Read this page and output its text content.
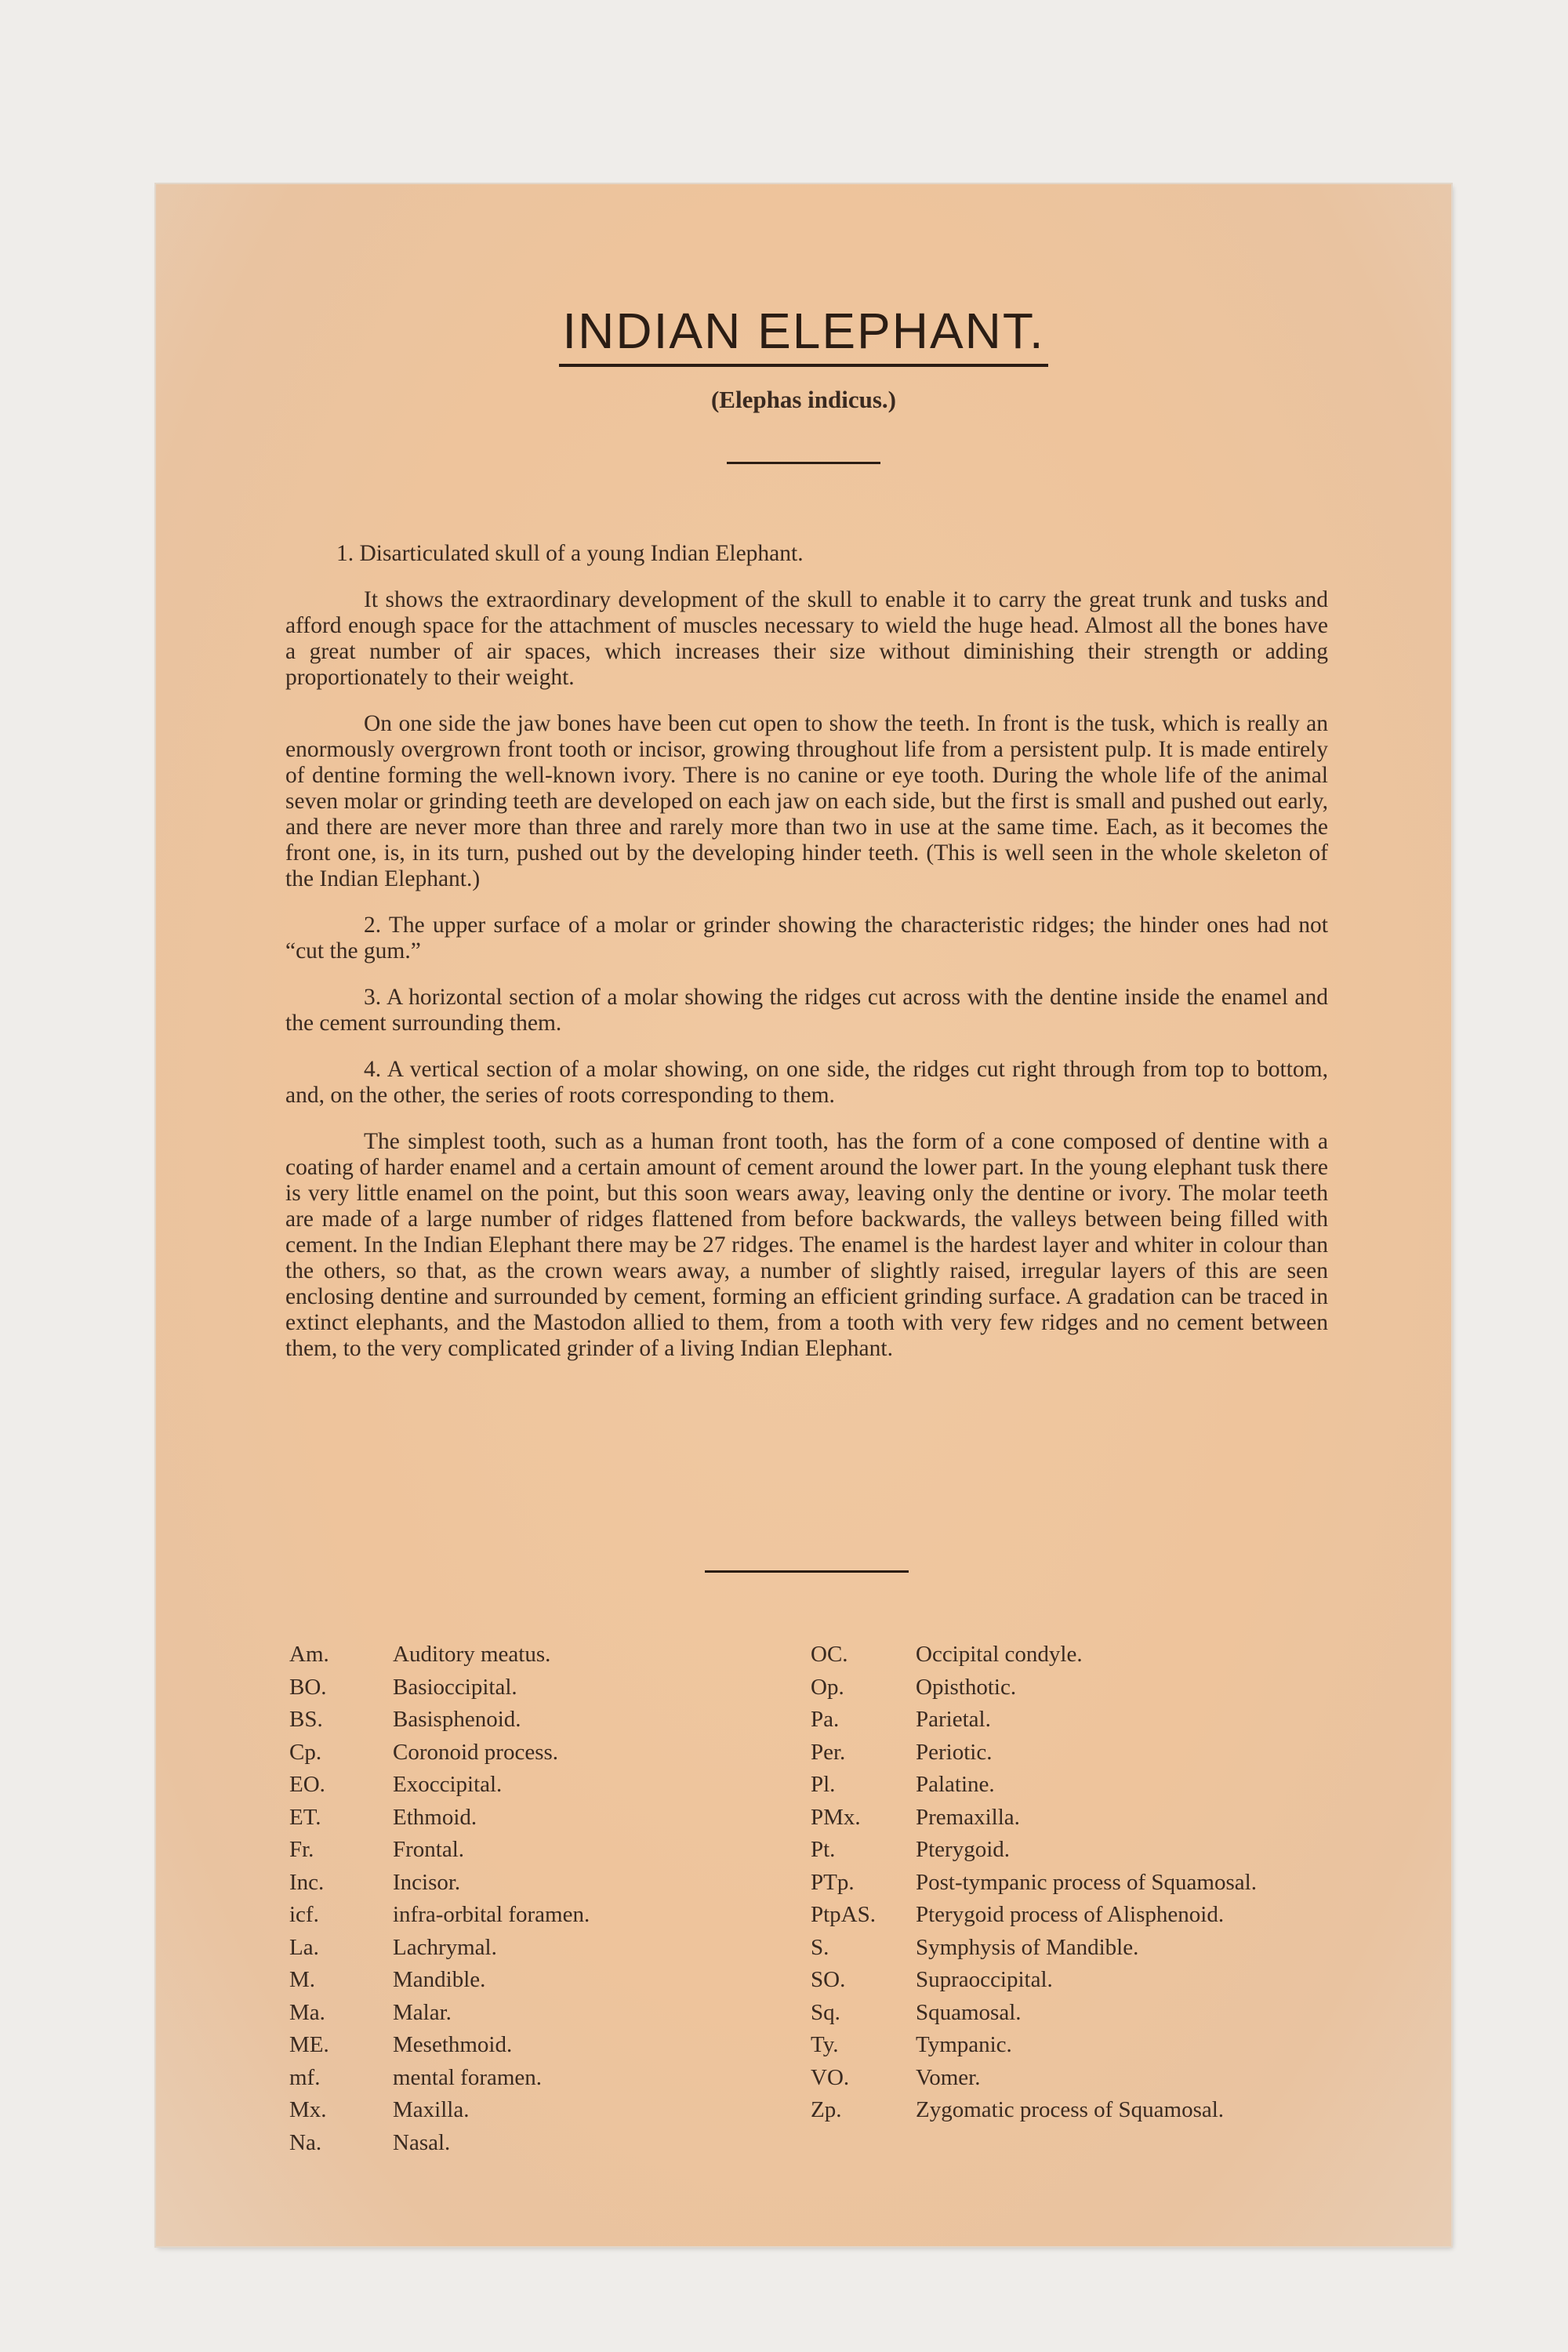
INDIAN ELEPHANT.
(Elephas indicus.)

1. Disarticulated skull of a young Indian Elephant.

It shows the extraordinary development of the skull to enable it to carry the great trunk and tusks and afford enough space for the attachment of muscles necessary to wield the huge head. Almost all the bones have a great number of air spaces, which increases their size without diminishing their strength or adding proportionately to their weight.

On one side the jaw bones have been cut open to show the teeth. In front is the tusk, which is really an enormously overgrown front tooth or incisor, growing throughout life from a persistent pulp. It is made entirely of dentine forming the well-known ivory. There is no canine or eye tooth. During the whole life of the animal seven molar or grinding teeth are developed on each jaw on each side, but the first is small and pushed out early, and there are never more than three and rarely more than two in use at the same time. Each, as it becomes the front one, is, in its turn, pushed out by the developing hinder teeth. (This is well seen in the whole skeleton of the Indian Elephant.)

2. The upper surface of a molar or grinder showing the characteristic ridges; the hinder ones had not “cut the gum.”

3. A horizontal section of a molar showing the ridges cut across with the dentine inside the enamel and the cement surrounding them.

4. A vertical section of a molar showing, on one side, the ridges cut right through from top to bottom, and, on the other, the series of roots corresponding to them.

The simplest tooth, such as a human front tooth, has the form of a cone composed of dentine with a coating of harder enamel and a certain amount of cement around the lower part. In the young elephant tusk there is very little enamel on the point, but this soon wears away, leaving only the dentine or ivory. The molar teeth are made of a large number of ridges flattened from before backwards, the valleys between being filled with cement. In the Indian Elephant there may be 27 ridges. The enamel is the hardest layer and whiter in colour than the others, so that, as the crown wears away, a number of slightly raised, irregular layers of this are seen enclosing dentine and surrounded by cement, forming an efficient grinding surface. A gradation can be traced in extinct elephants, and the Mastodon allied to them, from a tooth with very few ridges and no cement between them, to the very complicated grinder of a living Indian Elephant.

Am.	Auditory meatus.
BO.	Basioccipital.
BS.	Basisphenoid.
Cp.	Coronoid process.
EO.	Exoccipital.
ET.	Ethmoid.
Fr.	Frontal.
Inc.	Incisor.
icf.	infra-orbital foramen.
La.	Lachrymal.
M.	Mandible.
Ma.	Malar.
ME.	Mesethmoid.
mf.	mental foramen.
Mx.	Maxilla.
Na.	Nasal.
OC.	Occipital condyle.
Op.	Opisthotic.
Pa.	Parietal.
Per.	Periotic.
Pl.	Palatine.
PMx.	Premaxilla.
Pt.	Pterygoid.
PTp.	Post-tympanic process of Squamosal.
PtpAS.	Pterygoid process of Alisphenoid.
S.	Symphysis of Mandible.
SO.	Supraoccipital.
Sq.	Squamosal.
Ty.	Tympanic.
VO.	Vomer.
Zp.	Zygomatic process of Squamosal.
